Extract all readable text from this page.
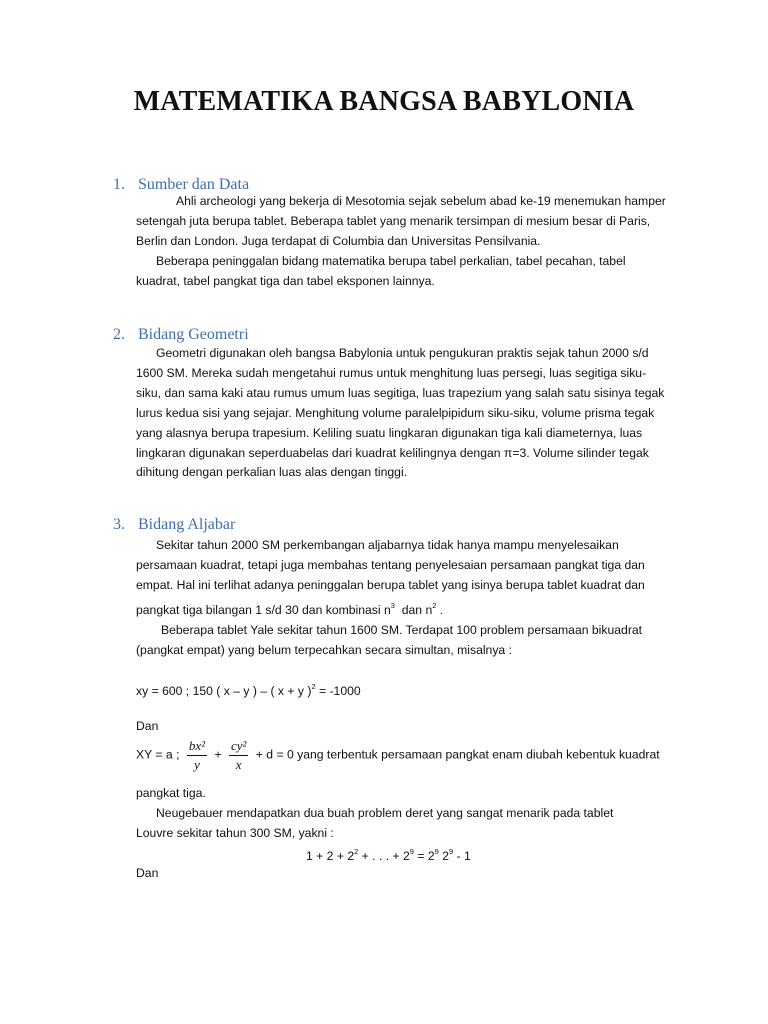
MATEMATIKA BANGSA BABYLONIA
1. Sumber dan Data
Ahli archeologi yang bekerja di Mesotomia sejak sebelum abad ke-19 menemukan hamper
setengah juta berupa tablet. Beberapa tablet yang menarik tersimpan di mesium besar di Paris,
Berlin dan London. Juga terdapat di Columbia dan Universitas Pensilvania.
Beberapa peninggalan bidang matematika berupa tabel perkalian, tabel pecahan, tabel
kuadrat, tabel pangkat tiga dan tabel eksponen lainnya.
2. Bidang Geometri
Geometri digunakan oleh bangsa Babylonia untuk pengukuran praktis sejak tahun 2000 s/d
1600 SM. Mereka sudah mengetahui rumus untuk menghitung luas persegi, luas segitiga siku-
siku, dan sama kaki atau rumus umum luas segitiga, luas trapezium yang salah satu sisinya tegak
lurus kedua sisi yang sejajar. Menghitung volume paralelpipidum siku-siku, volume prisma tegak
yang alasnya berupa trapesium. Keliling suatu lingkaran digunakan tiga kali diameternya, luas
lingkaran digunakan seperduabelas dari kuadrat kelilingnya dengan π=3. Volume silinder tegak
dihitung dengan perkalian luas alas dengan tinggi.
3. Bidang Aljabar
Sekitar tahun 2000 SM perkembangan aljabarnya tidak hanya mampu menyelesaikan
persamaan kuadrat, tetapi juga membahas tentang penyelesaian persamaan pangkat tiga dan
empat. Hal ini terlihat adanya peninggalan berupa tablet yang isinya berupa tablet kuadrat dan
pangkat tiga bilangan 1 s/d 30 dan kombinasi $n^3$ dan $n^2$ .
Beberapa tablet Yale sekitar tahun 1600 SM. Terdapat 100 problem persamaan bikuadrat
(pangkat empat) yang belum terpecahkan secara simultan, misalnya :
xy = 600 ; 150 ( x – y ) – ( x + y )$^2$ = -1000
Dan
XY = a ; $\frac{\text{bx²}}{y} + \frac{\text{cy²}}{x} + d = 0$ yang terbentuk persamaan pangkat enam diubah kebentuk kuadrat
pangkat tiga.
Neugebauer mendapatkan dua buah problem deret yang sangat menarik pada tablet
Louvre sekitar tahun 300 SM, yakni :
$1 + 2 + 2^2$ + . . . + $2^9 = 2^9$ $2^9 - 1$
Dan
